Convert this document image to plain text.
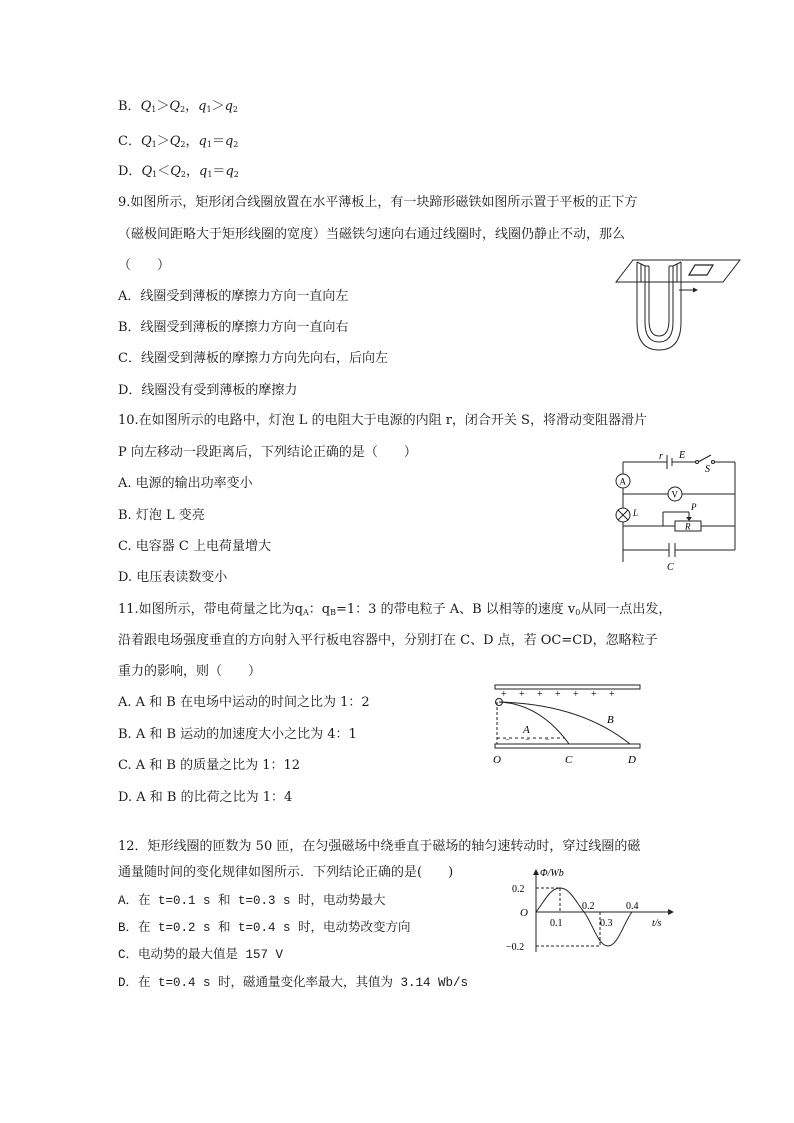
B．$Q_1>Q_2$，$q_1>q_2$
C．$Q_1>Q_2$，$q_1=q_2$
D．$Q_1<Q_2$，$q_1=q_2$
9.如图所示，矩形闭合线圈放置在水平薄板上，有一块蹄形磁铁如图所示置于平板的正下方
（磁极间距略大于矩形线圈的宽度）当磁铁匀速向右通过线圈时，线圈仍静止不动，那么
（　　）
A．线圈受到薄板的摩擦力方向一直向左
B．线圈受到薄板的摩擦力方向一直向右
C．线圈受到薄板的摩擦力方向先向右，后向左
D．线圈没有受到薄板的摩擦力
10.在如图所示的电路中，灯泡 L 的电阻大于电源的内阻 r，闭合开关 S，将滑动变阻器滑片
P 向左移动一段距离后，下列结论正确的是（　　）
A. 电源的输出功率变小
B. 灯泡 L 变亮
C. 电容器 C 上电荷量增大
D. 电压表读数变小
r E
S
A
V
L
P
R
C
11.如图所示，带电荷量之比为$q_A$：$q_B=1$：3 的带电粒子 A、B 以相等的速度 $v_0$从同一点出发，
沿着跟电场强度垂直的方向射入平行板电容器中，分别打在 C、D 点，若 OC=CD，忽略粒子
重力的影响，则（　　）
A. A 和 B 在电场中运动的时间之比为 1：2
B. A 和 B 运动的加速度大小之比为 4：1
C. A 和 B 的质量之比为 1：12
D. A 和 B 的比荷之比为 1：4
+ + + + + + +
− − −
A
B
O	C	D
12．矩形线圈的匝数为 50 匝，在匀强磁场中绕垂直于磁场的轴匀速转动时，穿过线圈的磁
通量随时间的变化规律如图所示．下列结论正确的是(　　)
A．在 t=0.1 s 和 t=0.3 s 时，电动势最大
B．在 t=0.2 s 和 t=0.4 s 时，电动势改变方向
C．电动势的最大值是 157 V
D．在 t=0.4 s 时，磁通量变化率最大，其值为 3.14 Wb/s
Φ/Wb
t/s
O
0.2
−0.2
0.1
0.2
0.3
0.4
